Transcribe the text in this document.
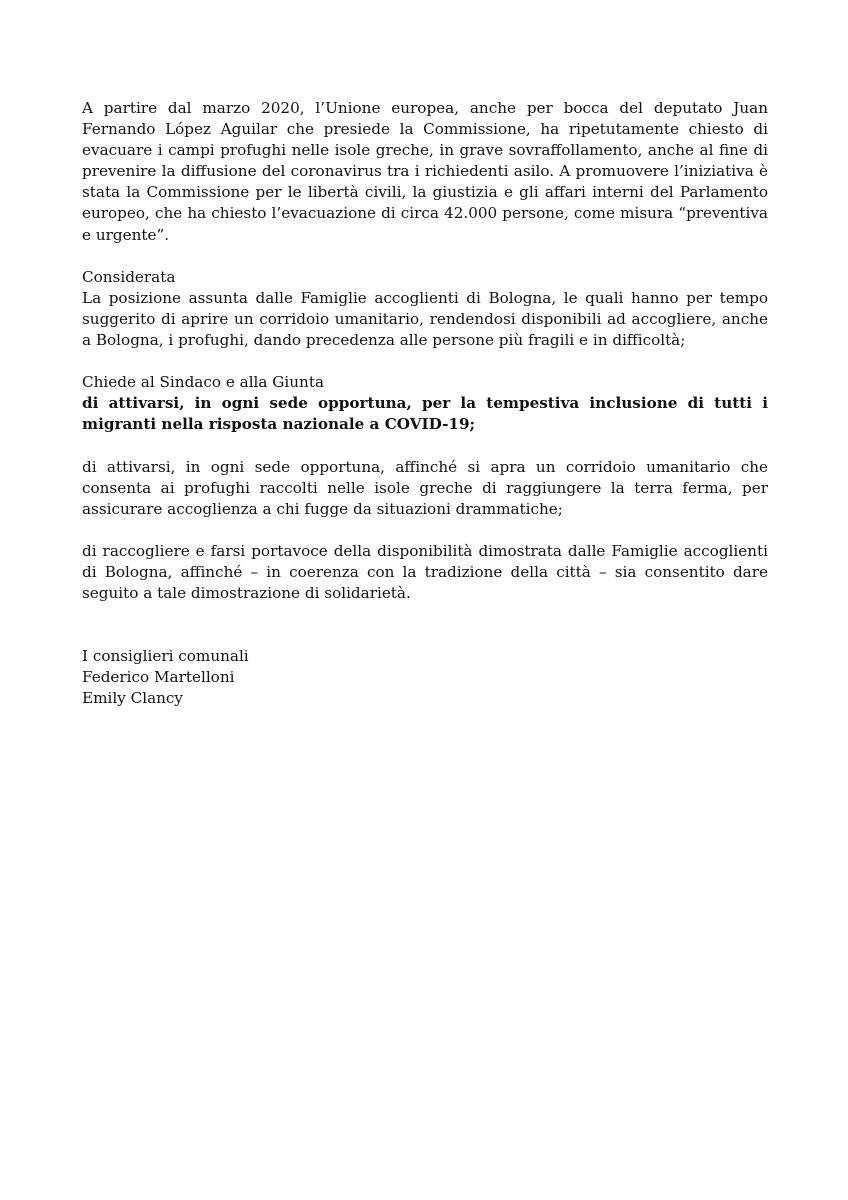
A partire dal marzo 2020, l’Unione europea, anche per bocca del deputato Juan Fernando López Aguilar che presiede la Commissione, ha ripetutamente chiesto di evacuare i campi profughi nelle isole greche, in grave sovraffollamento, anche al fine di prevenire la diffusione del coronavirus tra i richiedenti asilo. A promuovere l’iniziativa è stata la Commissione per le libertà civili, la giustizia e gli affari interni del Parlamento europeo, che ha chiesto l’evacuazione di circa 42.000 persone, come misura “preventiva e urgente”.

Considerata

La posizione assunta dalle Famiglie accoglienti di Bologna, le quali hanno per tempo suggerito di aprire un corridoio umanitario, rendendosi disponibili ad accogliere, anche a Bologna, i profughi, dando precedenza alle persone più fragili e in difficoltà;

Chiede al Sindaco e alla Giunta

di attivarsi, in ogni sede opportuna, per la tempestiva inclusione di tutti i migranti nella risposta nazionale a COVID-19;

di attivarsi, in ogni sede opportuna, affinché si apra un corridoio umanitario che consenta ai profughi raccolti nelle isole greche di raggiungere la terra ferma, per assicurare accoglienza a chi fugge da situazioni drammatiche;

di raccogliere e farsi portavoce della disponibilità dimostrata dalle Famiglie accoglienti di Bologna, affinché – in coerenza con la tradizione della città – sia consentito dare seguito a tale dimostrazione di solidarietà.

I consiglieri comunali
Federico Martelloni
Emily Clancy
